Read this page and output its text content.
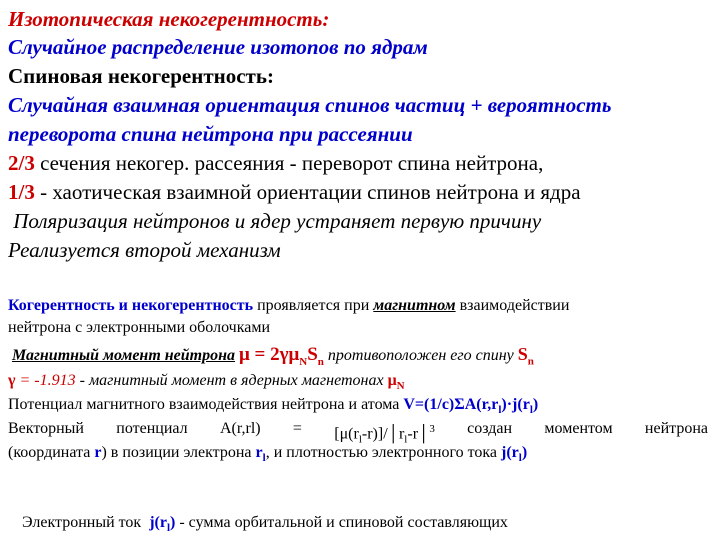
Изотопическая некогерентность:
Случайное распределение изотопов по ядрам
Спиновая некогерентность:
Случайная взаимная ориентация спинов частиц + вероятность
переворота спина нейтрона при рассеянии
2/3 сечения некогер. рассеяния - переворот спина нейтрона,
1/3 - хаотическая взаимной ориентации спинов нейтрона и ядра
Поляризация нейтронов и ядер устраняет первую причину
Реализуется второй механизм
Когерентность и некогерентность проявляется при магнитном взаимодействии
нейтрона с электронными оболочками
Магнитный момент нейтрона $\mu = 2\gamma\mu_NS_n$ противоположен его спину $S_n$
γ = -1.913 - магнитный момент в ядерных магнетонах $\mu_N$
Потенциал магнитного взаимодействия нейтрона и атома $V=(1/c)\Sigma A(r,r_l)\cdot j(r_l)$
Векторный потенциал $A(r,rl) = [\mu(r_l-r)]/│r_l-r│^3$ создан моментом нейтрона
(координата r) в позиции электрона $r_l$, и плотностью электронного тока $j(r_l)$

Электронный ток  $j(r_l)$ - сумма орбитальной и спиновой составляющих
